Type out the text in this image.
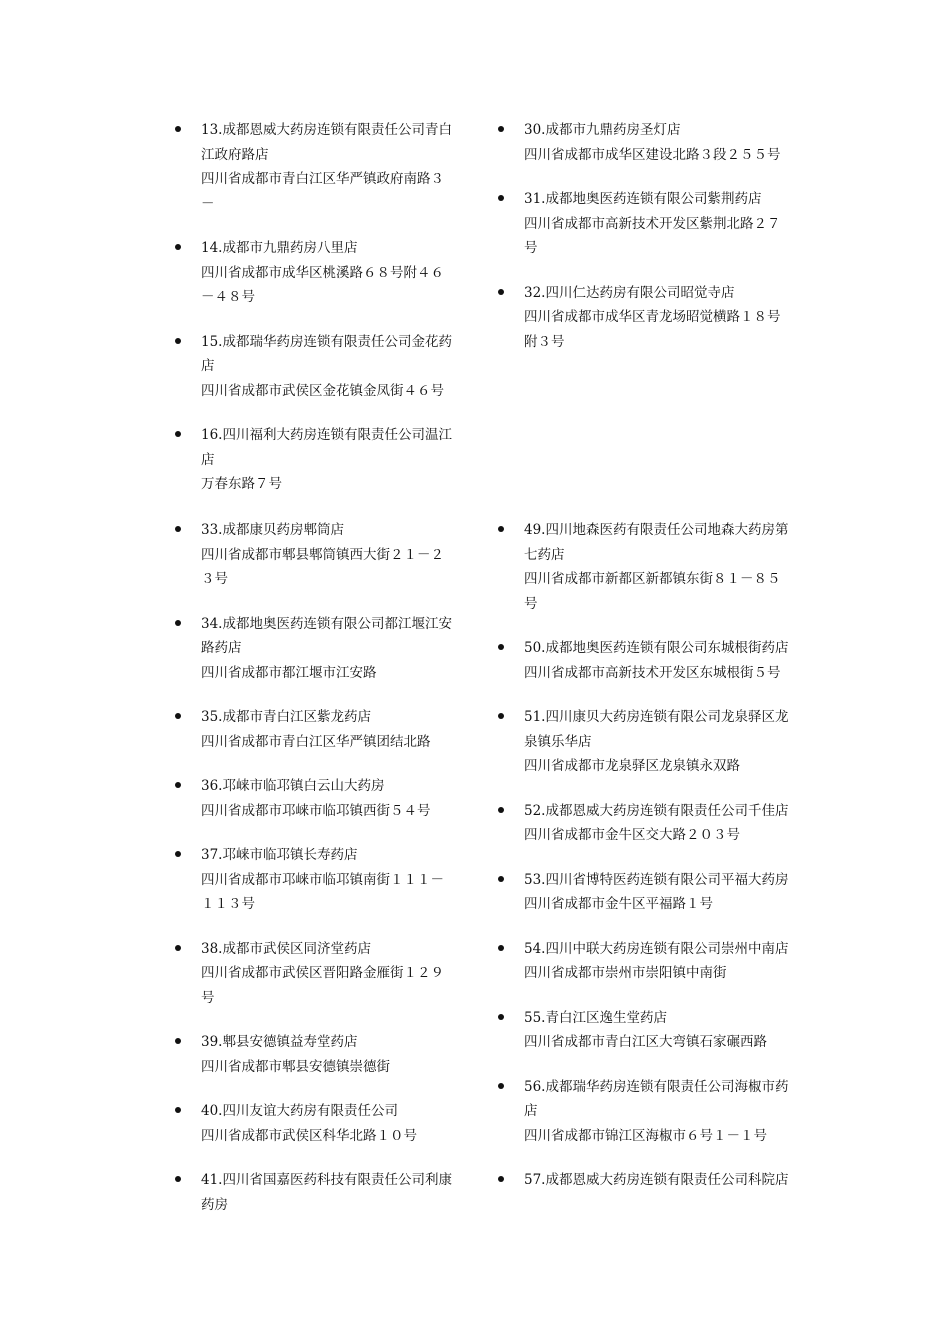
13.成都恩威大药房连锁有限责任公司青白
江政府路店
四川省成都市青白江区华严镇政府南路３
－
14.成都市九鼎药房八里店
四川省成都市成华区桃溪路６８号附４６
－４８号
15.成都瑞华药房连锁有限责任公司金花药
店
四川省成都市武侯区金花镇金凤街４６号
16.四川福利大药房连锁有限责任公司温江
店
万春东路７号
30.成都市九鼎药房圣灯店
四川省成都市成华区建设北路３段２５５号
31.成都地奥医药连锁有限公司紫荆药店
四川省成都市高新技术开发区紫荆北路２７
号
32.四川仁达药房有限公司昭觉寺店
四川省成都市成华区青龙场昭觉横路１８号
附３号
33.成都康贝药房郫筒店
四川省成都市郫县郫筒镇西大街２１－２
３号
34.成都地奥医药连锁有限公司都江堰江安
路药店
四川省成都市都江堰市江安路
35.成都市青白江区紫龙药店
四川省成都市青白江区华严镇团结北路
36.邛崃市临邛镇白云山大药房
四川省成都市邛崃市临邛镇西街５４号
37.邛崃市临邛镇长寿药店
四川省成都市邛崃市临邛镇南街１１１－
１１３号
38.成都市武侯区同济堂药店
四川省成都市武侯区晋阳路金雁街１２９
号
39.郫县安德镇益寿堂药店
四川省成都市郫县安德镇崇德街
40.四川友谊大药房有限责任公司
四川省成都市武侯区科华北路１０号
41.四川省国嘉医药科技有限责任公司利康
药房
49.四川地森医药有限责任公司地森大药房第
七药店
四川省成都市新都区新都镇东街８１－８５
号
50.成都地奥医药连锁有限公司东城根街药店
四川省成都市高新技术开发区东城根街５号
51.四川康贝大药房连锁有限公司龙泉驿区龙
泉镇乐华店
四川省成都市龙泉驿区龙泉镇永双路
52.成都恩威大药房连锁有限责任公司千佳店
四川省成都市金牛区交大路２０３号
53.四川省博特医药连锁有限公司平福大药房
四川省成都市金牛区平福路１号
54.四川中联大药房连锁有限公司崇州中南店
四川省成都市崇州市崇阳镇中南街
55.青白江区逸生堂药店
四川省成都市青白江区大弯镇石家碾西路
56.成都瑞华药房连锁有限责任公司海椒市药
店
四川省成都市锦江区海椒市６号１－１号
57.成都恩威大药房连锁有限责任公司科院店
